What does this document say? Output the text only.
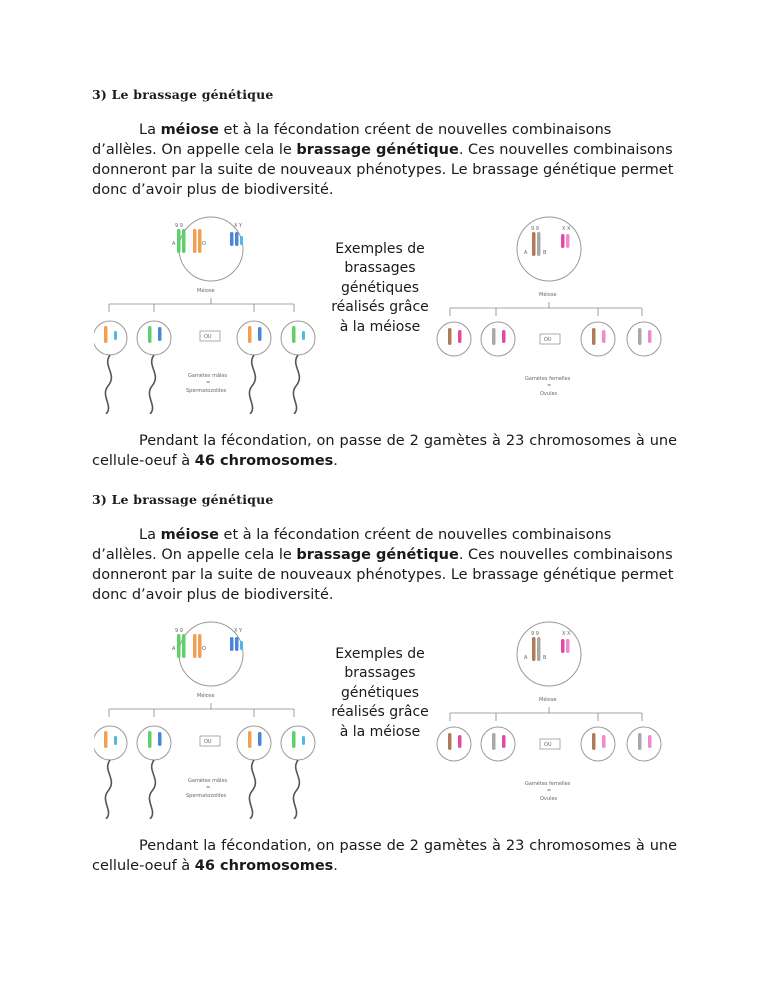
3) Le brassage génétique
La méiose et à la fécondation créent de nouvelles combinaisons d’allèles. On appelle cela le brassage génétique. Ces nouvelles combinaisons donneront par la suite de nouveaux phénotypes. Le brassage génétique permet donc d’avoir plus de biodiversité.
9 9	X Y
A	O
Méiose
OU
Gamètes mâles
=
Spermatozoïdes
Exemples de brassages génétiques réalisés grâce à la méiose
9 9	X X
A	B
Méiose
OU
Gamètes femelles
=
Ovules
Pendant la fécondation, on passe de 2 gamètes à 23 chromosomes à une cellule-oeuf à 46 chromosomes.
3) Le brassage génétique
La méiose et à la fécondation créent de nouvelles combinaisons d’allèles. On appelle cela le brassage génétique. Ces nouvelles combinaisons donneront par la suite de nouveaux phénotypes. Le brassage génétique permet donc d’avoir plus de biodiversité.
9 9	X Y
A	O
Méiose
OU
Gamètes mâles
=
Spermatozoïdes
Exemples de brassages génétiques réalisés grâce à la méiose
9 9	X X
A	B
Méiose
OU
Gamètes femelles
=
Ovules
Pendant la fécondation, on passe de 2 gamètes à 23 chromosomes à une cellule-oeuf à 46 chromosomes.
